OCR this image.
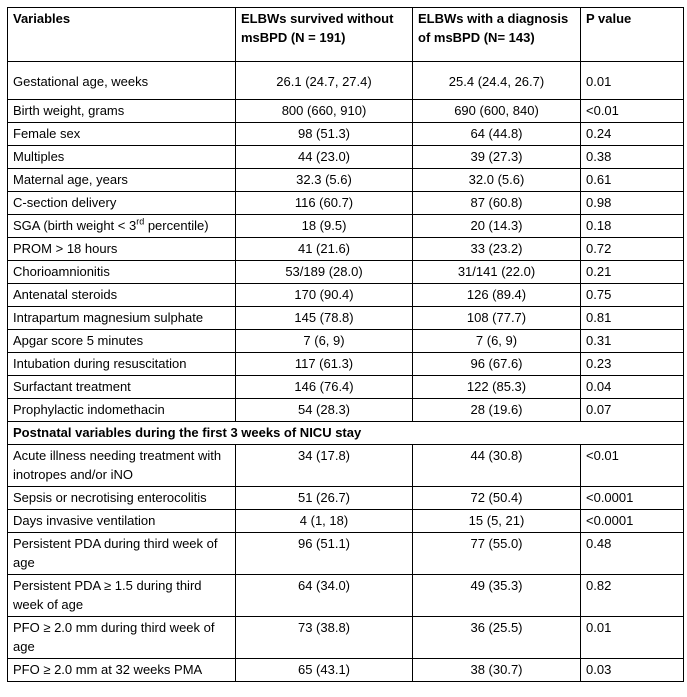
Variables	ELBWs survived without msBPD (N = 191)	ELBWs with a diagnosis of msBPD (N= 143)	P value
Gestational age, weeks	26.1 (24.7, 27.4)	25.4 (24.4, 26.7)	0.01
Birth weight, grams	800 (660, 910)	690 (600, 840)	<0.01
Female sex	98 (51.3)	64 (44.8)	0.24
Multiples	44 (23.0)	39 (27.3)	0.38
Maternal age, years	32.3 (5.6)	32.0 (5.6)	0.61
C-section delivery	116 (60.7)	87 (60.8)	0.98
SGA (birth weight < 3rd percentile)	18 (9.5)	20 (14.3)	0.18
PROM > 18 hours	41 (21.6)	33 (23.2)	0.72
Chorioamnionitis	53/189 (28.0)	31/141 (22.0)	0.21
Antenatal steroids	170 (90.4)	126 (89.4)	0.75
Intrapartum magnesium sulphate	145 (78.8)	108 (77.7)	0.81
Apgar score 5 minutes	7 (6, 9)	7 (6, 9)	0.31
Intubation during resuscitation	117 (61.3)	96 (67.6)	0.23
Surfactant treatment	146 (76.4)	122 (85.3)	0.04
Prophylactic indomethacin	54 (28.3)	28 (19.6)	0.07
Postnatal variables during the first 3 weeks of NICU stay			
Acute illness needing treatment with inotropes and/or iNO	34 (17.8)	44 (30.8)	<0.01
Sepsis or necrotising enterocolitis	51 (26.7)	72 (50.4)	<0.0001
Days invasive ventilation	4 (1, 18)	15 (5, 21)	<0.0001
Persistent PDA during third week of age	96 (51.1)	77 (55.0)	0.48
Persistent PDA ≥ 1.5 during third week of age	64 (34.0)	49 (35.3)	0.82
PFO ≥ 2.0 mm during third week of age	73 (38.8)	36 (25.5)	0.01
PFO ≥ 2.0 mm at 32 weeks PMA	65 (43.1)	38 (30.7)	0.03
